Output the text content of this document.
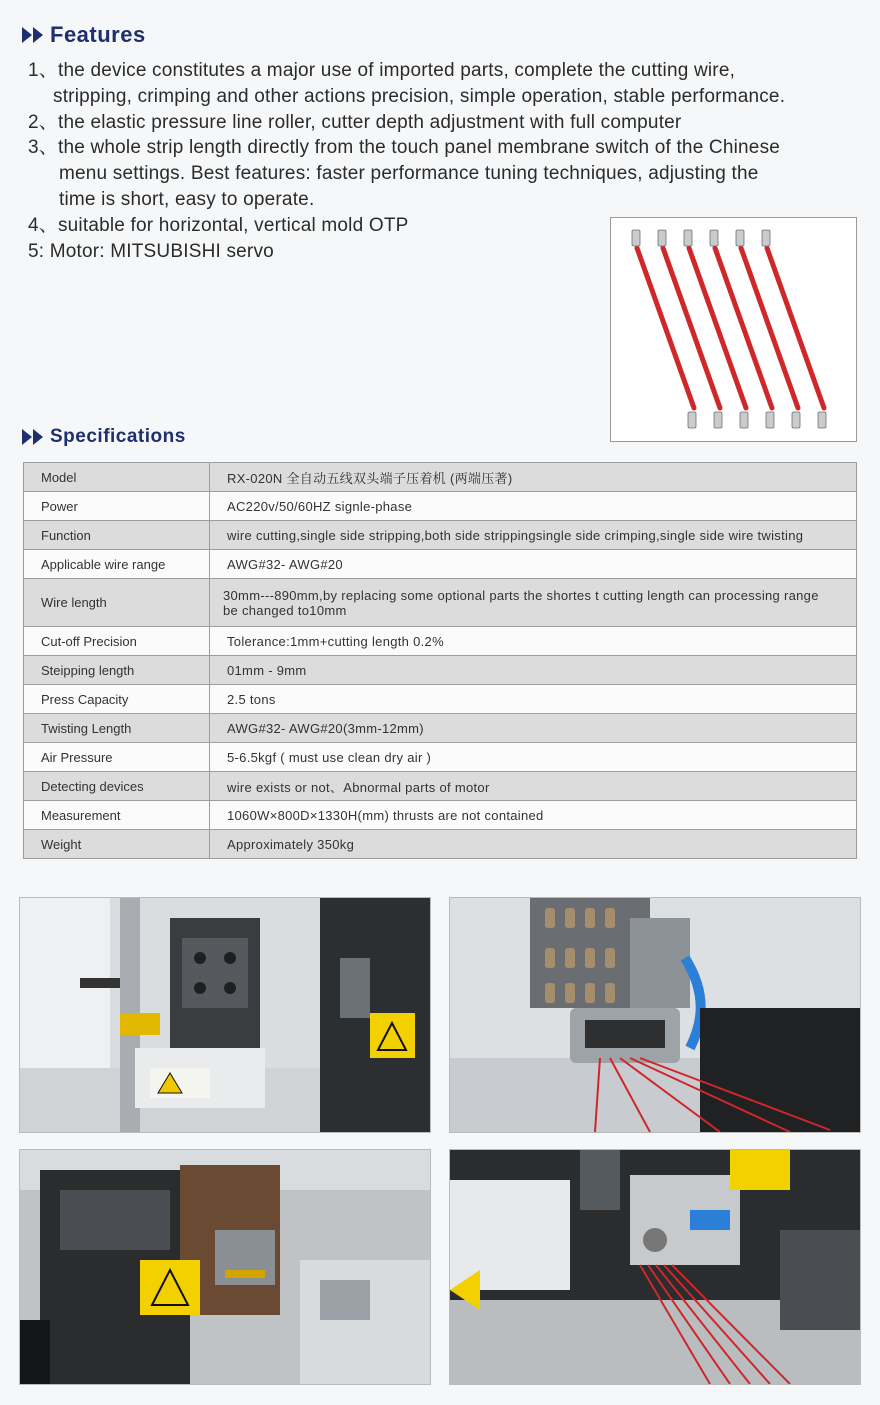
Features
1、the device constitutes a major use of imported parts, complete the cutting wire,
stripping, crimping and other actions precision, simple operation, stable performance.
2、the elastic pressure line roller, cutter depth adjustment with full computer
3、the whole strip length directly from the touch panel membrane switch of the Chinese
menu settings. Best features: faster performance tuning techniques, adjusting the
time is short, easy to operate.
4、suitable for horizontal, vertical mold OTP
5: Motor: MITSUBISHI servo
Specifications
Model	RX-020N 全自动五线双头端子压着机 (两端压著)
Power	AC220v/50/60HZ signle-phase
Function	wire cutting,single side stripping,both side strippingsingle side crimping,single side wire twisting
Applicable wire range	AWG#32- AWG#20
Wire length	30mm---890mm,by replacing some optional parts the shortes t cutting length can processing range be changed to10mm
Cut-off Precision	Tolerance:1mm+cutting length 0.2%
Steipping length	01mm - 9mm
Press Capacity	2.5 tons
Twisting Length	AWG#32- AWG#20(3mm-12mm)
Air Pressure	5-6.5kgf ( must use clean dry air )
Detecting devices	wire exists or not、Abnormal parts of motor
Measurement	1060W×800D×1330H(mm) thrusts are not contained
Weight	Approximately 350kg
